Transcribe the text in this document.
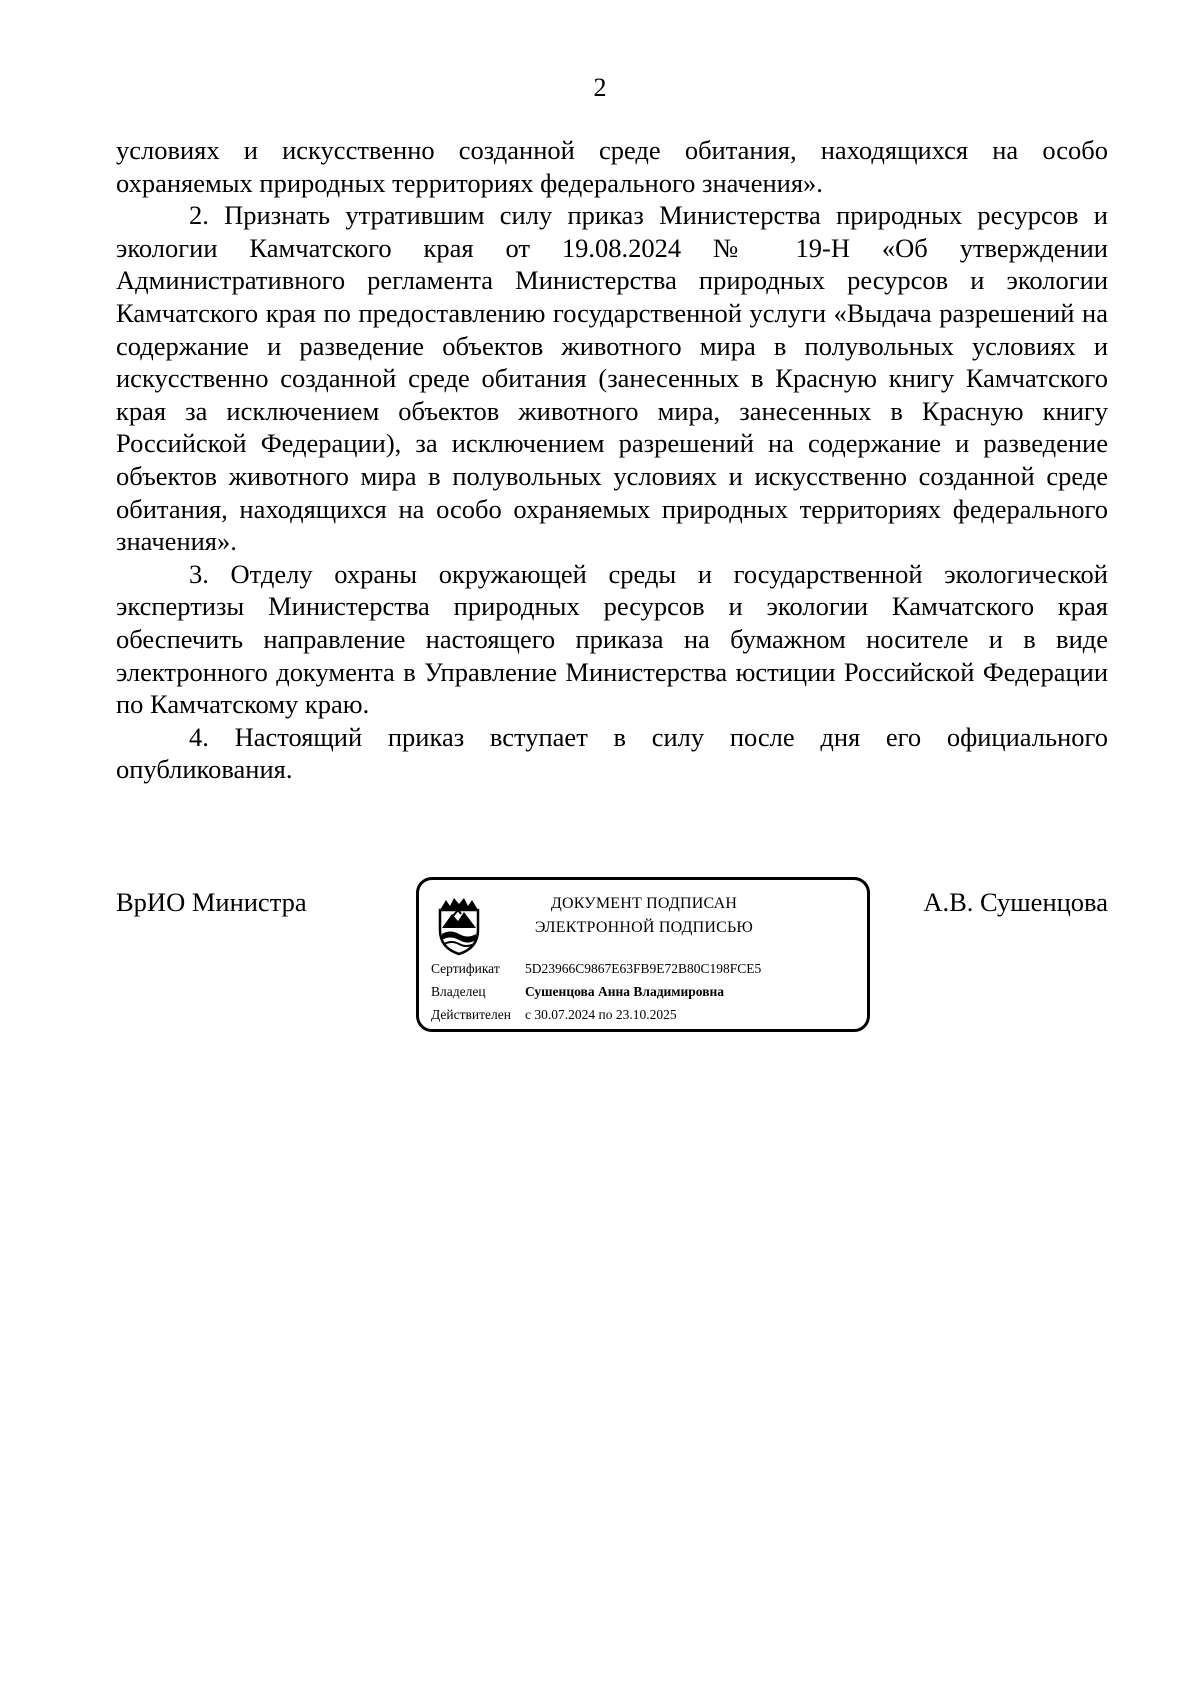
2

условиях и искусственно созданной среде обитания, находящихся на особо охраняемых природных территориях федерального значения».

2. Признать утратившим силу приказ Министерства природных ресурсов и экологии Камчатского края от 19.08.2024 № 19-Н «Об утверждении Административного регламента Министерства природных ресурсов и экологии Камчатского края по предоставлению государственной услуги «Выдача разрешений на содержание и разведение объектов животного мира в полувольных условиях и искусственно созданной среде обитания (занесенных в Красную книгу Камчатского края за исключением объектов животного мира, занесенных в Красную книгу Российской Федерации), за исключением разрешений на содержание и разведение объектов животного мира в полувольных условиях и искусственно созданной среде обитания, находящихся на особо охраняемых природных территориях федерального значения».

3. Отделу охраны окружающей среды и государственной экологической экспертизы Министерства природных ресурсов и экологии Камчатского края обеспечить направление настоящего приказа на бумажном носителе и в виде электронного документа в Управление Министерства юстиции Российской Федерации по Камчатскому краю.

4. Настоящий приказ вступает в силу после дня его официального опубликования.

ВрИО Министра	ДОКУМЕНТ ПОДПИСАН
ЭЛЕКТРОННОЙ ПОДПИСЬЮ
Сертификат 5D23966C9867E63FB9E72B80C198FCE5
Владелец	Сушенцова Анна Владимировна
Действителен с 30.07.2024 по 23.10.2025
А.В. Сушенцова
